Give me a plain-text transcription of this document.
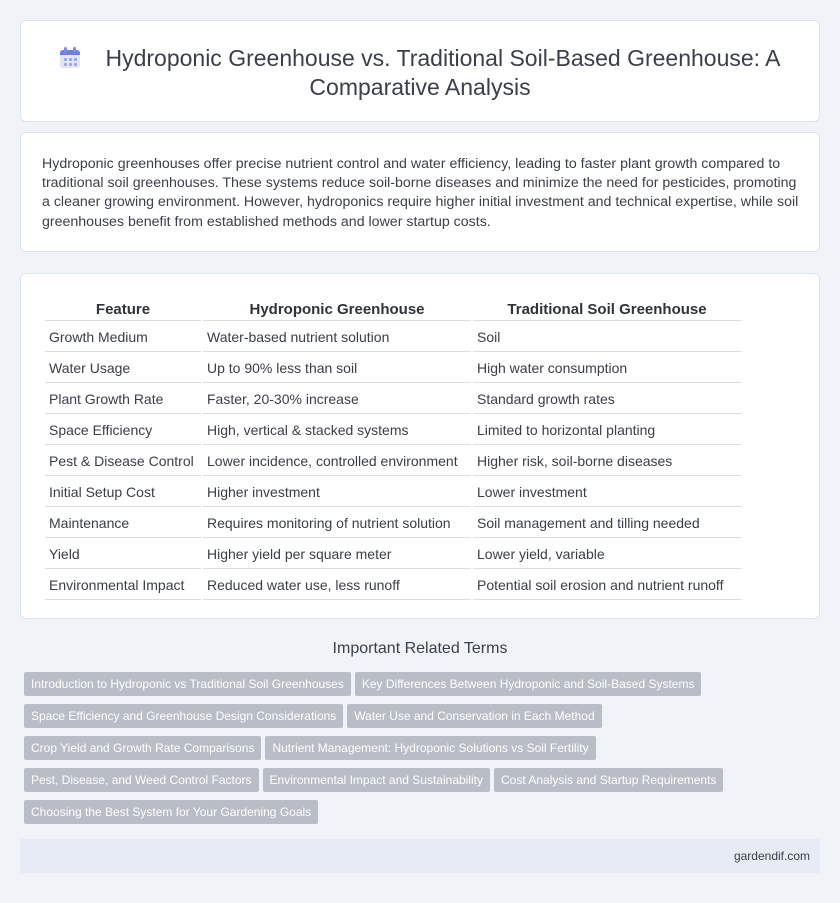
Hydroponic Greenhouse vs. Traditional Soil-Based Greenhouse: A Comparative Analysis

Hydroponic greenhouses offer precise nutrient control and water efficiency, leading to faster plant growth compared to traditional soil greenhouses. These systems reduce soil-borne diseases and minimize the need for pesticides, promoting a cleaner growing environment. However, hydroponics require higher initial investment and technical expertise, while soil greenhouses benefit from established methods and lower startup costs.

Feature	Hydroponic Greenhouse	Traditional Soil Greenhouse
Growth Medium	Water-based nutrient solution	Soil
Water Usage	Up to 90% less than soil	High water consumption
Plant Growth Rate	Faster, 20-30% increase	Standard growth rates
Space Efficiency	High, vertical & stacked systems	Limited to horizontal planting
Pest & Disease Control	Lower incidence, controlled environment	Higher risk, soil-borne diseases
Initial Setup Cost	Higher investment	Lower investment
Maintenance	Requires monitoring of nutrient solution	Soil management and tilling needed
Yield	Higher yield per square meter	Lower yield, variable
Environmental Impact	Reduced water use, less runoff	Potential soil erosion and nutrient runoff
Important Related Terms
Introduction to Hydroponic vs Traditional Soil Greenhouses Key Differences Between Hydroponic and Soil-Based Systems
Space Efficiency and Greenhouse Design Considerations Water Use and Conservation in Each Method
Crop Yield and Growth Rate Comparisons Nutrient Management: Hydroponic Solutions vs Soil Fertility
Pest, Disease, and Weed Control Factors Environmental Impact and Sustainability Cost Analysis and Startup Requirements
Choosing the Best System for Your Gardening Goals
gardendif.com
